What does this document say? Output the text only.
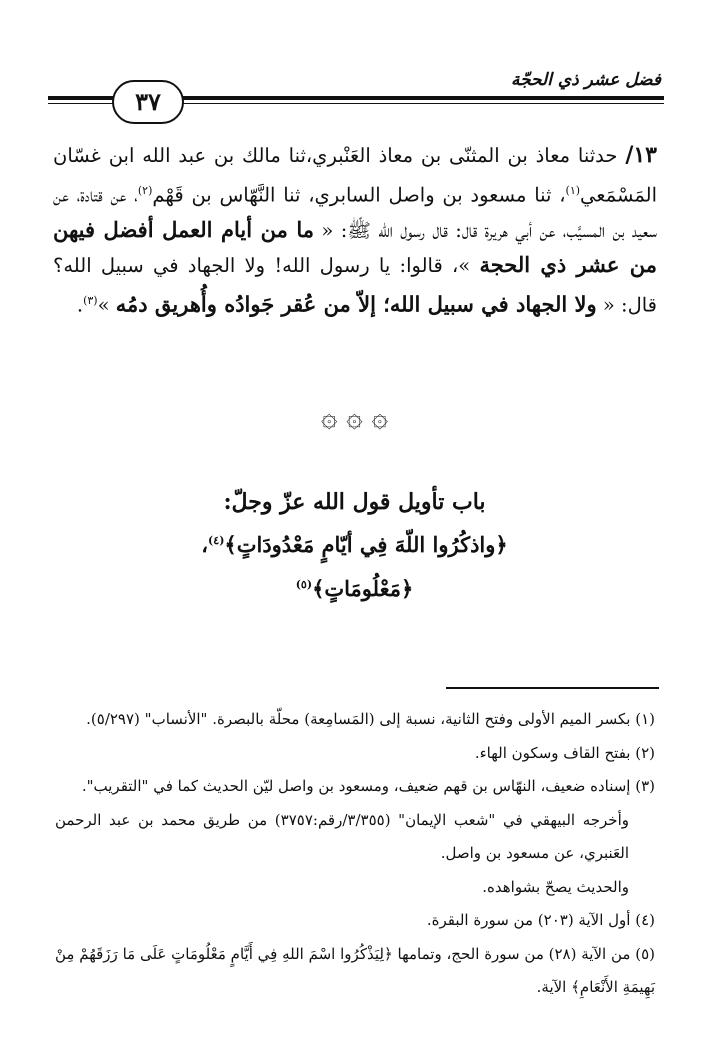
فضل عشر ذي الحجّة
٣٧
١٣/ حدثنا معاذ بن المثنّى بن معاذ العَنْبري،ثنا مالك بن عبد الله ابن غسّان المَسْمَعي$^{(١)}$، ثنا مسعود بن واصل السابري، ثنا النَّهّاس بن قَهْم$^{(٢)}$، عن قتادة، عن سعيد بن المسيَّب، عن أبي هريرة قال: قال رسول الله ﷺ: « ما من أيام العمل أفضل فيهن من عشر ذي الحجة »، قالوا: يا رسول الله! ولا الجهاد في سبيل الله؟ قال: « ولا الجهاد في سبيل الله؛ إلاّ من عُقر جَوادُه وأُهريق دمُه »$^{(٣)}$.
۞ ۞ ۞
باب تأويل قول الله عزّ وجلّ:
﴿واذكُرُوا اللّهَ فِي أيّامٍ مَعْدُودَاتٍ﴾$^{(٤)}$،
﴿مَعْلُومَاتٍ﴾$^{(٥)}$

(١) بكسر الميم الأولى وفتح الثانية، نسبة إلى (المَسامِعة) محلّة بالبصرة. "الأنساب" (٥/٢٩٧).

(٢) بفتح القاف وسكون الهاء.

(٣) إسناده ضعيف، النهّاس بن قهم ضعيف، ومسعود بن واصل ليّن الحديث كما في "التقريب".

وأخرجه البيهقي في "شعب الإيمان" (٣/٣٥٥/رقم:٣٧٥٧) من طريق محمد بن عبد الرحمن العَنبري، عن مسعود بن واصل.

والحديث يصحّ بشواهده.

(٤) أول الآية (٢٠٣) من سورة البقرة.

(٥) من الآية (٢٨) من سورة الحج، وتمامها ﴿لِيَذْكُرُوا اسْمَ اللهِ فِي أَيَّامٍ مَعْلُومَاتٍ عَلَى مَا رَزَقَهُمْ مِنْ بَهِيمَةِ الأَنْعَامِ﴾ الآية.
